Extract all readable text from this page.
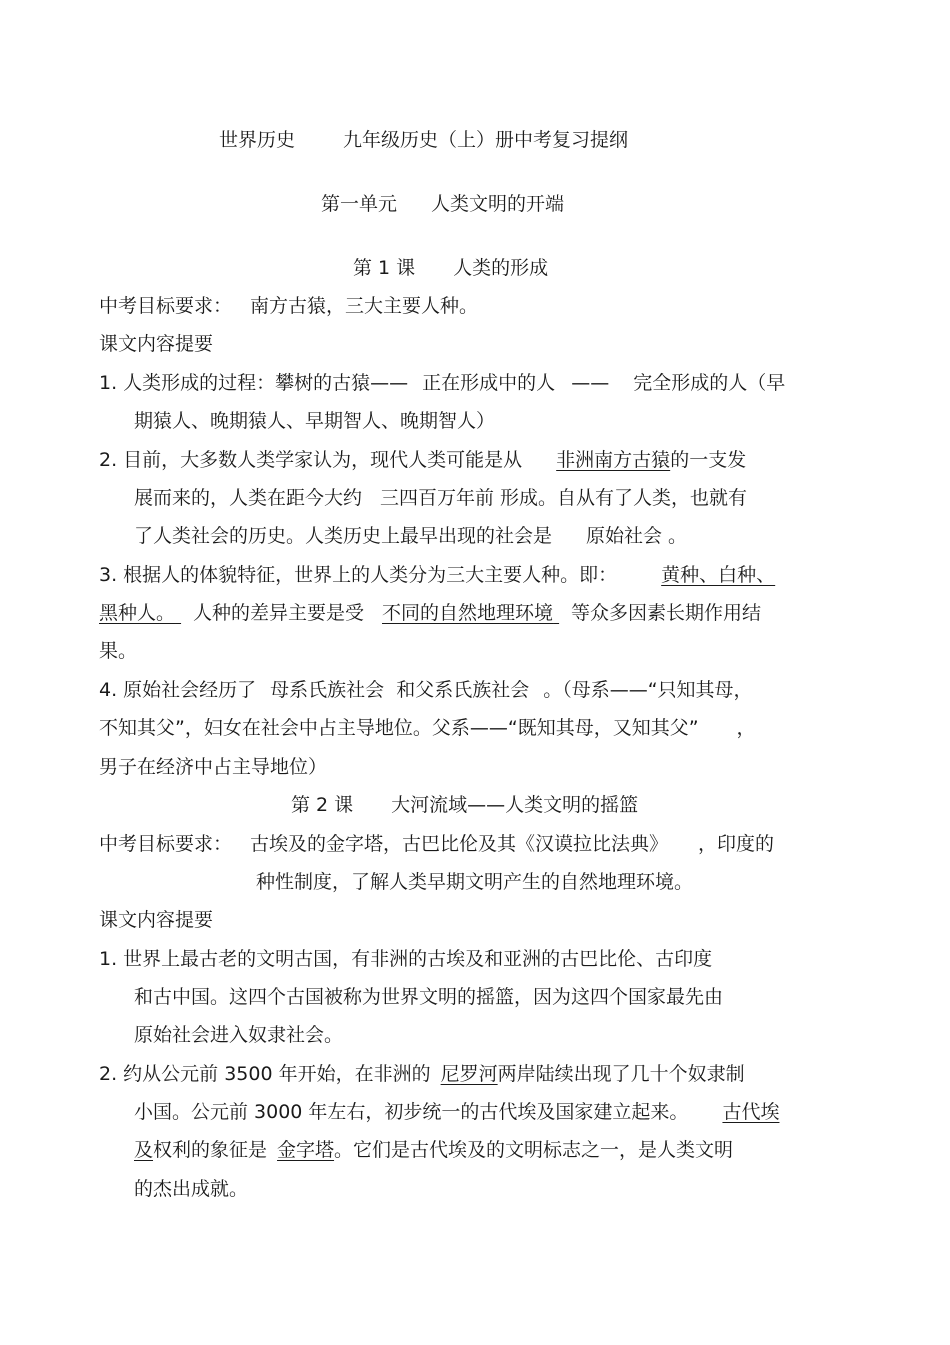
世界历史	九年级历史（上）册中考复习提纲
第一单元 人类文明的开端
第 1 课 人类的形成
中考目标要求： 南方古猿，三大主要人种。
课文内容提要
1. 人类形成的过程：攀树的古猿—— 正在形成中的人 —— 完全形成的人（早
期猿人、晚期猿人、早期智人、晚期智人）
2. 目前，大多数人类学家认为，现代人类可能是从 非洲南方古猿的一支发
展而来的，人类在距今大约 三四百万年前 形成。自从有了人类，也就有
了人类社会的历史。人类历史上最早出现的社会是 原始社会 。
3. 根据人的体貌特征，世界上的人类分为三大主要人种。即： 黄种、白种、
黑种人。 人种的差异主要是受 不同的自然地理环境 等众多因素长期作用结
果。
4. 原始社会经历了 母系氏族社会 和父系氏族社会 。（母系——“只知其母，
不知其父”，妇女在社会中占主导地位。父系——“既知其母，又知其父” ，
男子在经济中占主导地位）
第 2 课 大河流域——人类文明的摇篮
中考目标要求： 古埃及的金字塔，古巴比伦及其《汉谟拉比法典》 ，印度的
种性制度，了解人类早期文明产生的自然地理环境。
课文内容提要
1. 世界上最古老的文明古国，有非洲的古埃及和亚洲的古巴比伦、古印度
和古中国。这四个古国被称为世界文明的摇篮，因为这四个国家最先由
原始社会进入奴隶社会。
2. 约从公元前 3500 年开始，在非洲的 尼罗河两岸陆续出现了几十个奴隶制
小国。公元前 3000 年左右，初步统一的古代埃及国家建立起来。 古代埃
及权利的象征是 金字塔。它们是古代埃及的文明标志之一，是人类文明
的杰出成就。
